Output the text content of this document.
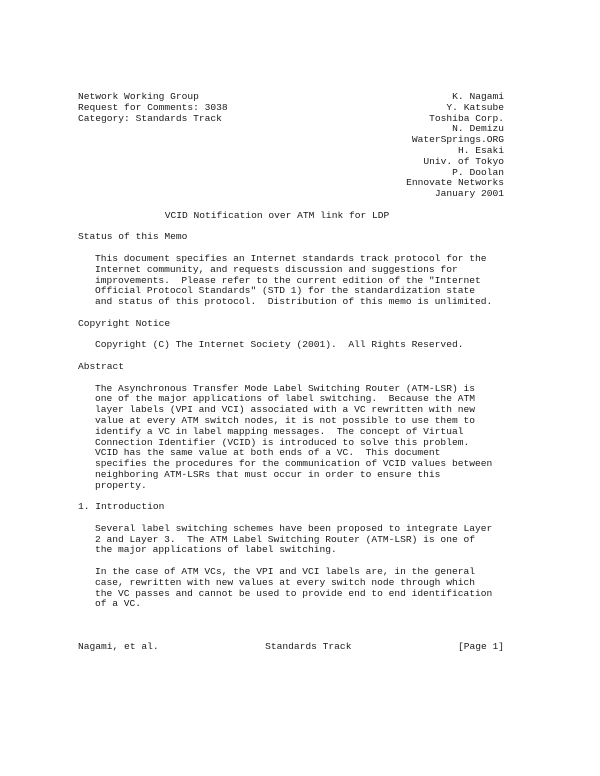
Network Working Group	K. Nagami
Request for Comments: 3038	Y. Katsube
Category: Standards Track	Toshiba Corp.
N. Demizu
WaterSprings.ORG
H. Esaki
Univ. of Tokyo
P. Doolan
Ennovate Networks
January 2001
VCID Notification over ATM link for LDP
Status of this Memo
This document specifies an Internet standards track protocol for the
Internet community, and requests discussion and suggestions for
improvements.  Please refer to the current edition of the "Internet
Official Protocol Standards" (STD 1) for the standardization state
and status of this protocol.  Distribution of this memo is unlimited.
Copyright Notice
Copyright (C) The Internet Society (2001).  All Rights Reserved.
Abstract
The Asynchronous Transfer Mode Label Switching Router (ATM-LSR) is
one of the major applications of label switching.  Because the ATM
layer labels (VPI and VCI) associated with a VC rewritten with new
value at every ATM switch nodes, it is not possible to use them to
identify a VC in label mapping messages.  The concept of Virtual
Connection Identifier (VCID) is introduced to solve this problem.
VCID has the same value at both ends of a VC.  This document
specifies the procedures for the communication of VCID values between
neighboring ATM-LSRs that must occur in order to ensure this
property.
1. Introduction
Several label switching schemes have been proposed to integrate Layer
2 and Layer 3.  The ATM Label Switching Router (ATM-LSR) is one of
the major applications of label switching.
In the case of ATM VCs, the VPI and VCI labels are, in the general
case, rewritten with new values at every switch node through which
the VC passes and cannot be used to provide end to end identification
of a VC.
Nagami, et al.	Standards Track	[Page 1]
